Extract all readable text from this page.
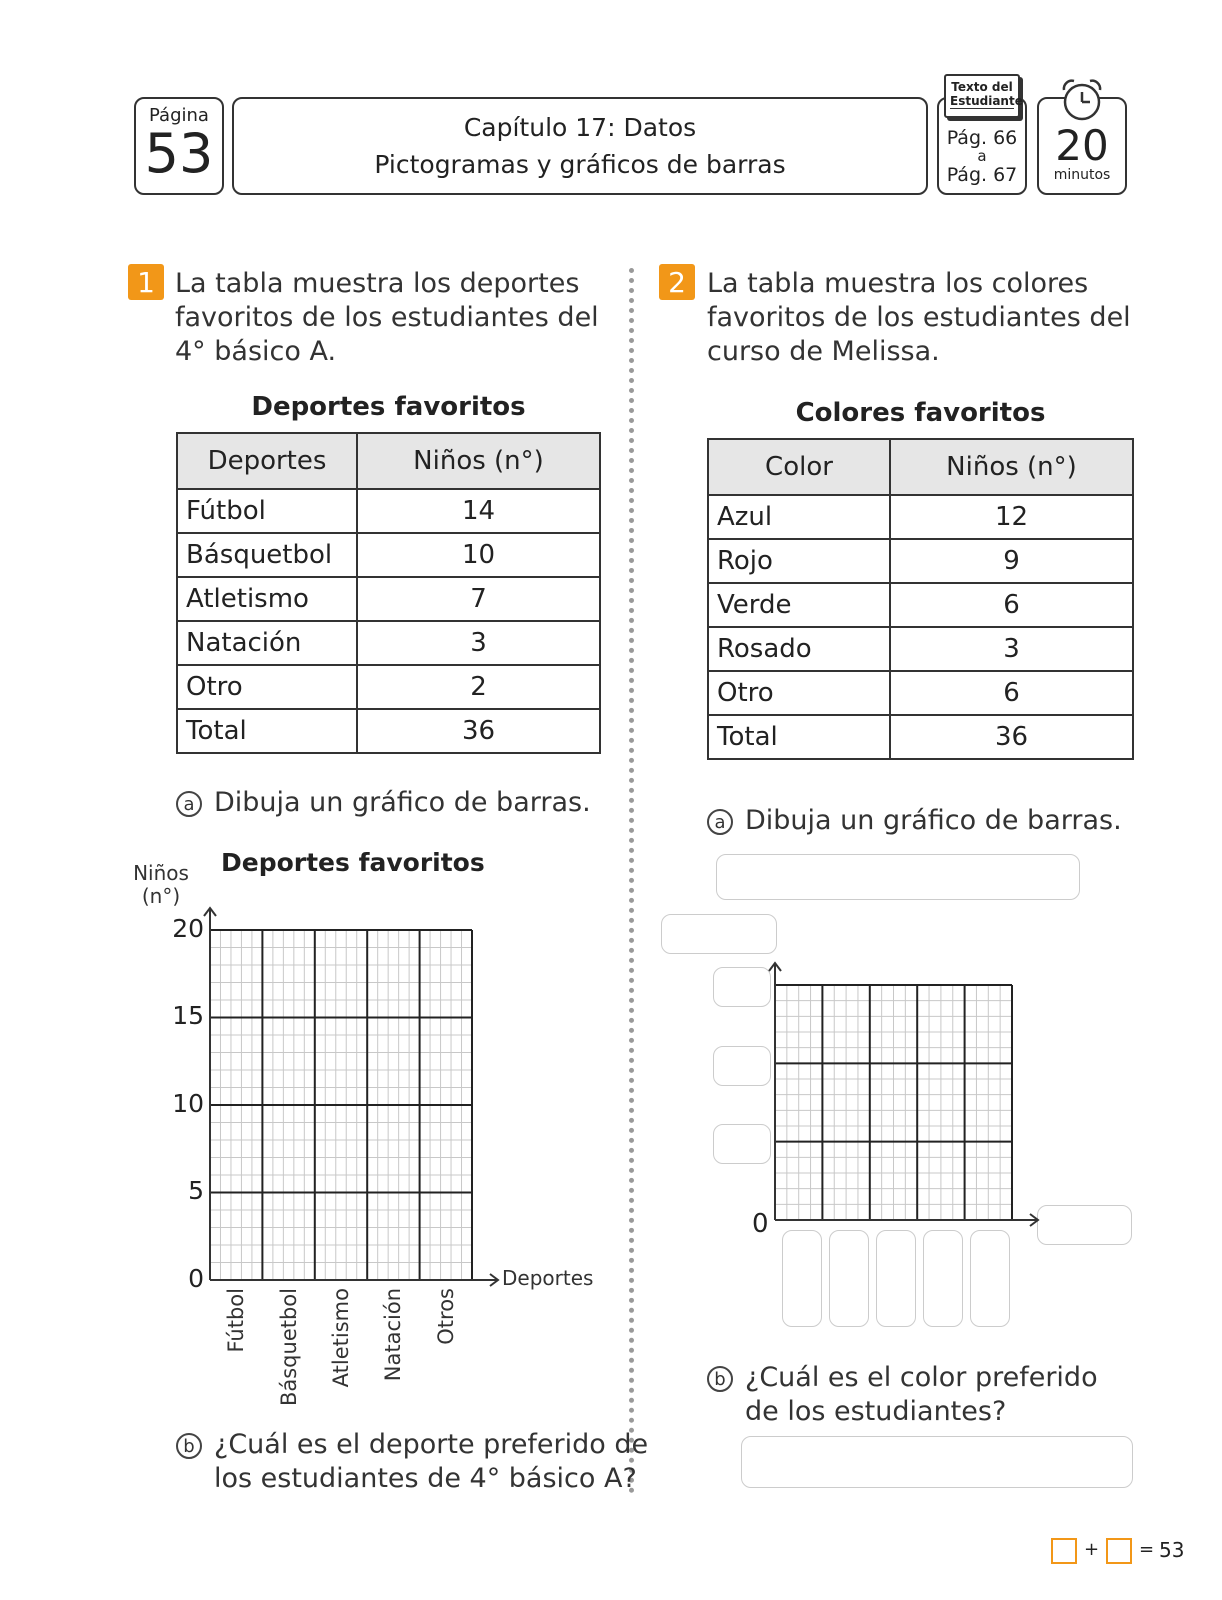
Página
53	Capítulo 17: Datos
Pictogramas y gráficos de barras
Texto del
Estudiante
Pág. 66
a
Pág. 67
20
minutos
1 La tabla muestra los deportes
favoritos de los estudiantes del
4° básico A.
Deportes favoritos
Deportes	Niños (n°)
Fútbol	14
Básquetbol	10
Atletismo	7
Natación	3
Otro	2
Total	36
a Dibuja un gráfico de barras.
Deportes favoritos
Niños
(n°)
20
15
10
5
0	Deportes
Fútbol Básquetbol Atletismo Natación Otros
b ¿Cuál es el deporte preferido de
los estudiantes de 4° básico A?
2 La tabla muestra los colores
favoritos de los estudiantes del
curso de Melissa.
Colores favoritos
Color	Niños (n°)
Azul	12
Rojo	9
Verde	6
Rosado	3
Otro	6
Total	36
a Dibuja un gráfico de barras.
0
b ¿Cuál es el color preferido
de los estudiantes?
+ = 53
